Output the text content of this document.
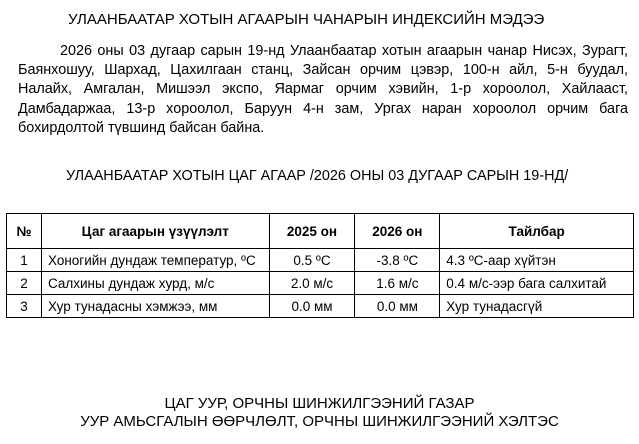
УЛААНБААТАР ХОТЫН АГААРЫН ЧАНАРЫН ИНДЕКСИЙН МЭДЭЭ

2026 оны 03 дугаар сарын 19-нд Улаанбаатар хотын агаарын чанар Нисэх, Зурагт, Баянхошуу, Шархад, Цахилгаан станц, Зайсан орчим цэвэр, 100-н айл, 5-н буудал, Налайх, Амгалан, Мишээл экспо, Яармаг орчим хэвийн, 1-р хороолол, Хайлааст, Дамбадаржаа, 13-р хороолол, Баруун 4-н зам, Ургах наран хороолол орчим бага бохирдолтой түвшинд байсан байна.

УЛААНБААТАР ХОТЫН ЦАГ АГААР /2026 ОНЫ 03 ДУГААР САРЫН 19-НД/
№	Цаг агаарын үзүүлэлт	2025 он	2026 он	Тайлбар
1	Хоногийн дундаж температур, ºC	0.5 ºC	-3.8 ºC	4.3 ºC-аар хүйтэн
2	Салхины дундаж хурд, м/с	2.0 м/с	1.6 м/с	0.4 м/с-ээр бага салхитай
3	Хур тунадасны хэмжээ, мм	0.0 мм	0.0 мм	Хур тунадасгүй
ЦАГ УУР, ОРЧНЫ ШИНЖИЛГЭЭНИЙ ГАЗАР
УУР АМЬСГАЛЫН ӨӨРЧЛӨЛТ, ОРЧНЫ ШИНЖИЛГЭЭНИЙ ХЭЛТЭС
